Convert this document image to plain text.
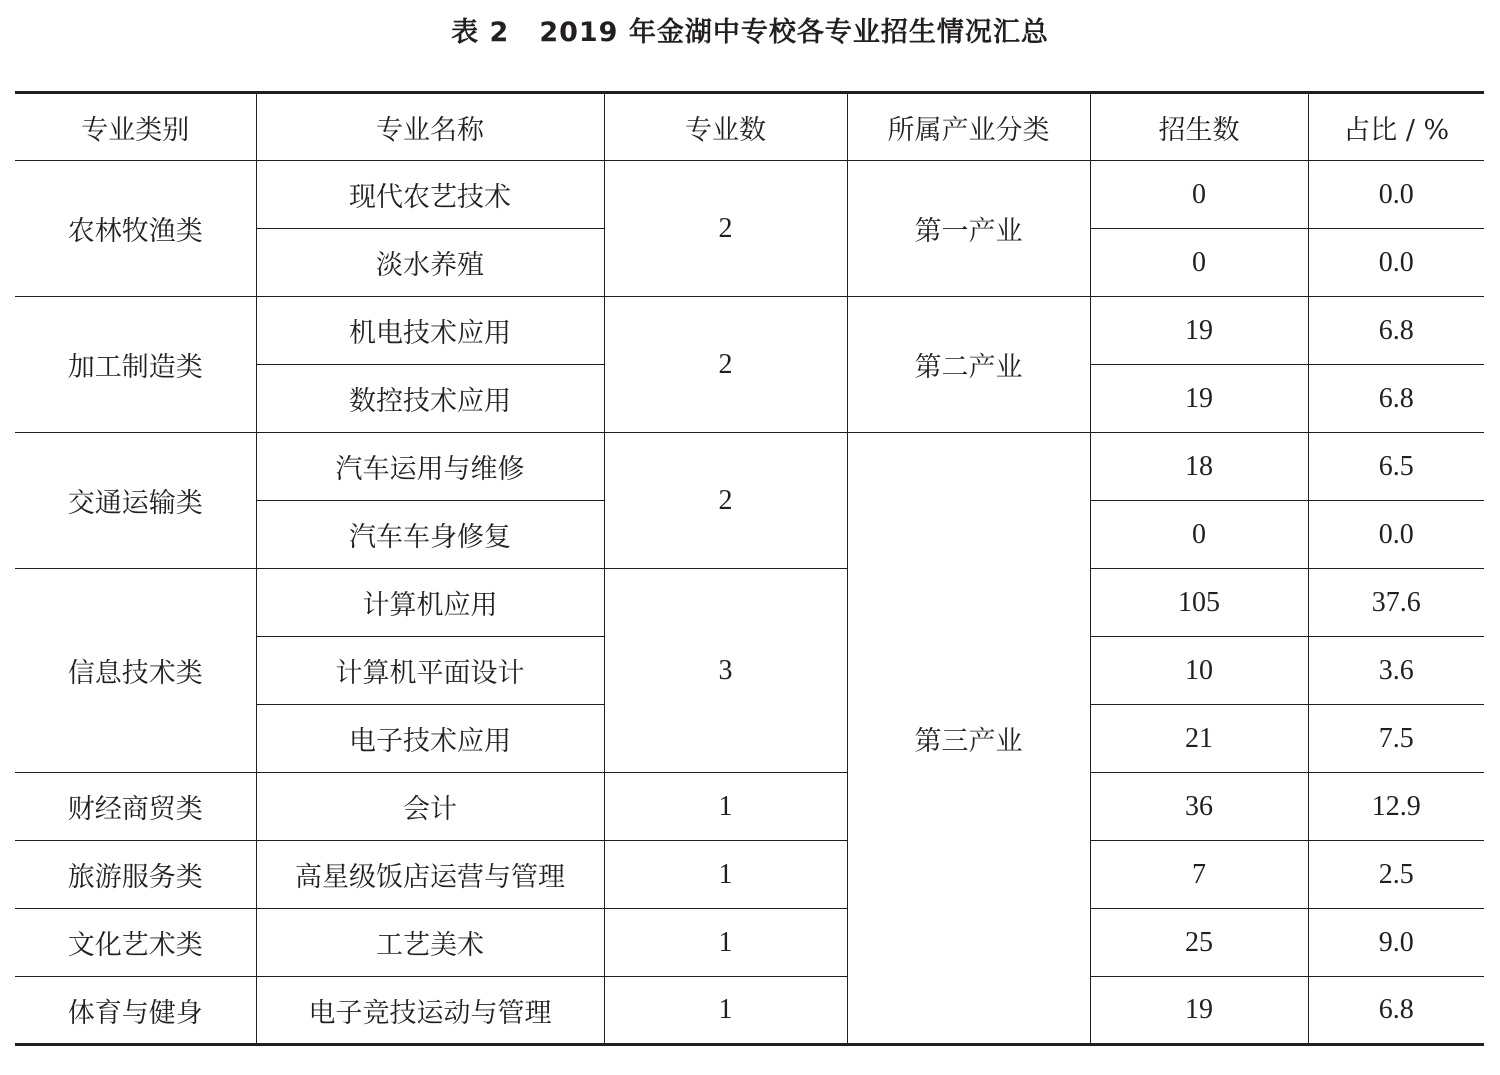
表 2 2019 年金湖中专校各专业招生情况汇总
专业类别	专业名称	专业数	所属产业分类	招生数	占比 / %
农林牧渔类	现代农艺技术	2	第一产业	0	0.0
	淡水养殖			0	0.0
加工制造类	机电技术应用	2	第二产业	19	6.8
	数控技术应用			19	6.8
交通运输类	汽车运用与维修	2	第三产业	18	6.5
	汽车车身修复			0	0.0
信息技术类	计算机应用	3		105	37.6
	计算机平面设计			10	3.6
	电子技术应用			21	7.5
财经商贸类	会计	1		36	12.9
旅游服务类	高星级饭店运营与管理	1		7	2.5
文化艺术类	工艺美术	1		25	9.0
体育与健身	电子竞技运动与管理	1		19	6.8
